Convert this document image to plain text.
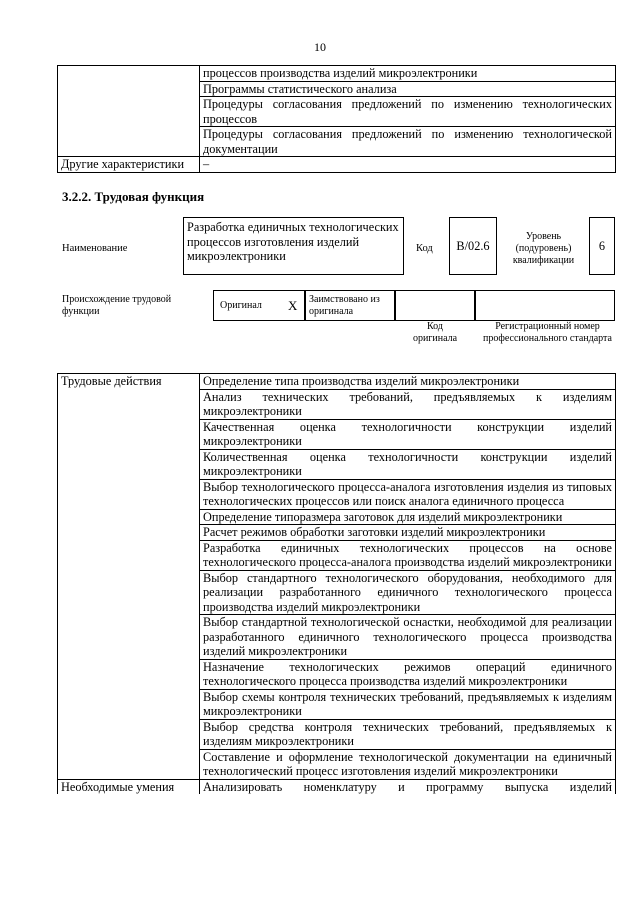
10
	процессов производства изделий микроэлектроники
	Программы статистического анализа
	Процедуры согласования предложений по изменению технологических процессов
	Процедуры согласования предложений по изменению технологической документации
Другие характеристики	–
3.2.2. Трудовая функция
Наименование
Разработка единичных технологических процессов изготовления изделий микроэлектроники
Код	B/02.6
Уровень (подуровень) квалификации
6
Происхождение трудовой функции
Оригинал X Заимствовано из оригинала
Код оригинала
Регистрационный номер профессионального стандарта
Трудовые действия	Определение типа производства изделий микроэлектроники
	Анализ технических требований, предъявляемых к изделиям микроэлектроники
	Качественная оценка технологичности конструкции изделий микроэлектроники
	Количественная оценка технологичности конструкции изделий микроэлектроники
	Выбор технологического процесса-аналога изготовления изделия из типовых технологических процессов или поиск аналога единичного процесса
	Определение типоразмера заготовок для изделий микроэлектроники
	Расчет режимов обработки заготовки изделий микроэлектроники
	Разработка единичных технологических процессов на основе технологического процесса-аналога производства изделий микроэлектроники
	Выбор стандартного технологического оборудования, необходимого для реализации разработанного единичного технологического процесса производства изделий микроэлектроники
	Выбор стандартной технологической оснастки, необходимой для реализации разработанного единичного технологического процесса производства изделий микроэлектроники
	Назначение технологических режимов операций единичного технологического процесса производства изделий микроэлектроники
	Выбор схемы контроля технических требований, предъявляемых к изделиям микроэлектроники
	Выбор средства контроля технических требований, предъявляемых к изделиям микроэлектроники
	Составление и оформление технологической документации на единичный технологический процесс изготовления изделий микроэлектроники
Необходимые умения	Анализировать номенклатуру и программу выпуска изделий
